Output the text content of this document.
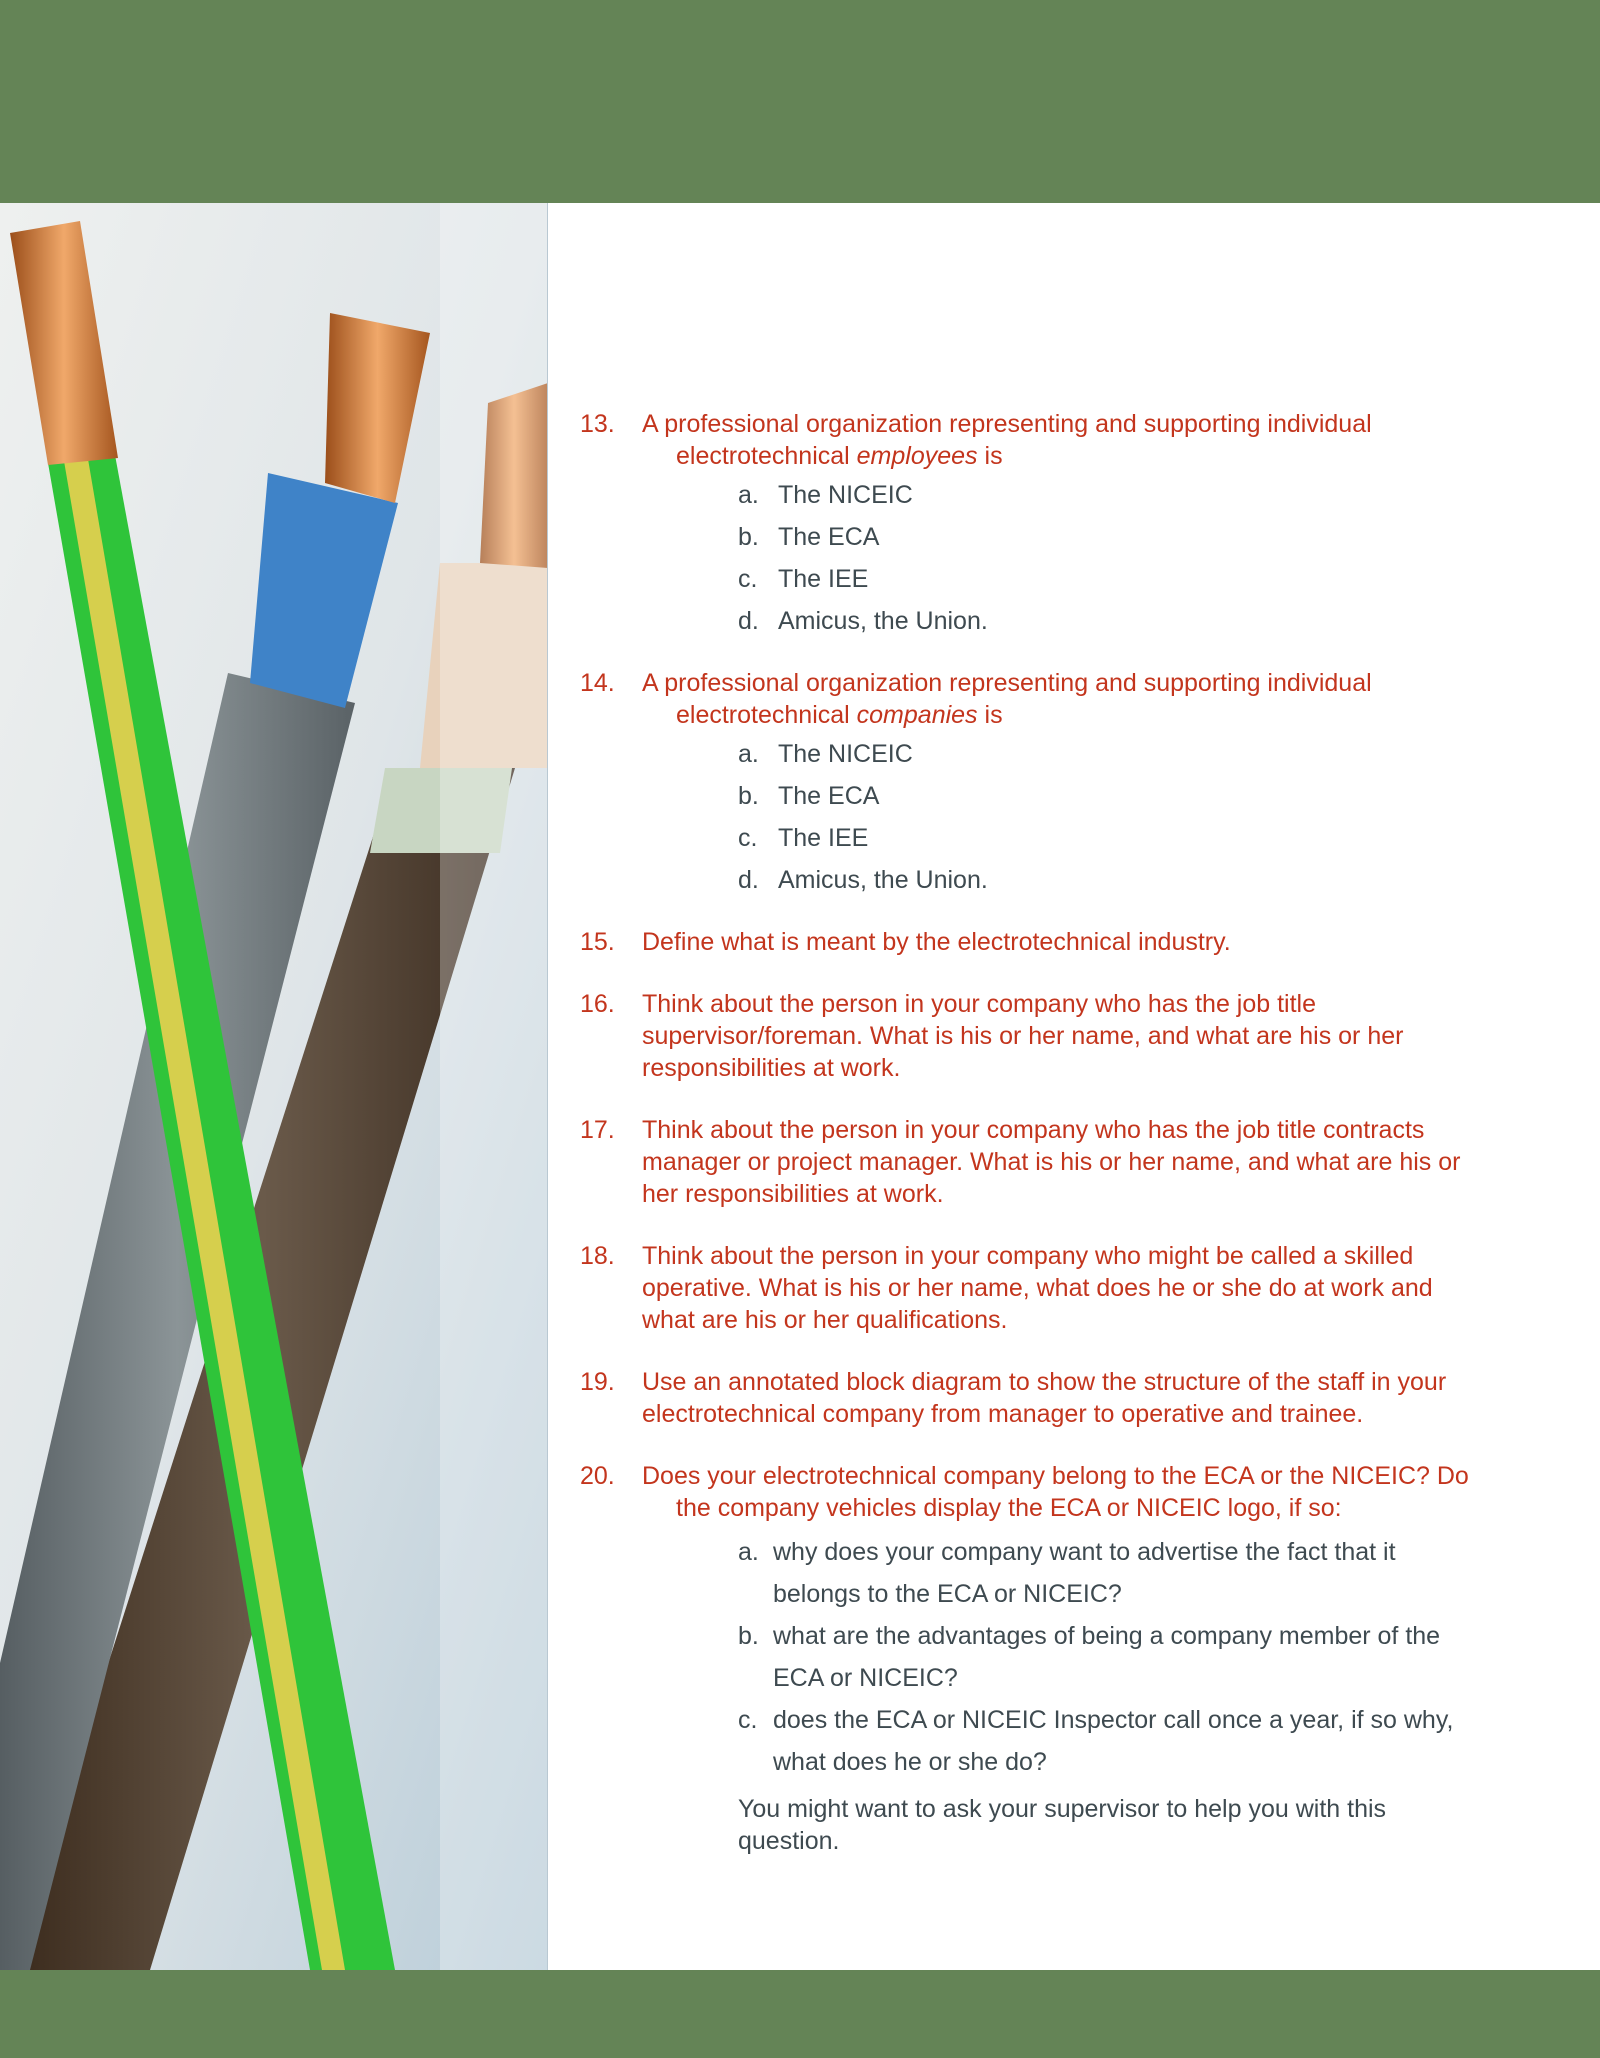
13. A professional organization representing and supporting individual electrotechnical employees is
a. The NICEIC
b. The ECA
c. The IEE
d. Amicus, the Union.
14. A professional organization representing and supporting individual electrotechnical companies is
a. The NICEIC
b. The ECA
c. The IEE
d. Amicus, the Union.
15. Define what is meant by the electrotechnical industry.
16. Think about the person in your company who has the job title supervisor/foreman. What is his or her name, and what are his or her responsibilities at work.
17. Think about the person in your company who has the job title contracts manager or project manager. What is his or her name, and what are his or her responsibilities at work.
18. Think about the person in your company who might be called a skilled operative. What is his or her name, what does he or she do at work and what are his or her qualifications.
19. Use an annotated block diagram to show the structure of the staff in your electrotechnical company from manager to operative and trainee.
20. Does your electrotechnical company belong to the ECA or the NICEIC? Do the company vehicles display the ECA or NICEIC logo, if so:
a. why does your company want to advertise the fact that it belongs to the ECA or NICEIC?
b. what are the advantages of being a company member of the ECA or NICEIC?
c. does the ECA or NICEIC Inspector call once a year, if so why, what does he or she do?
You might want to ask your supervisor to help you with this question.
